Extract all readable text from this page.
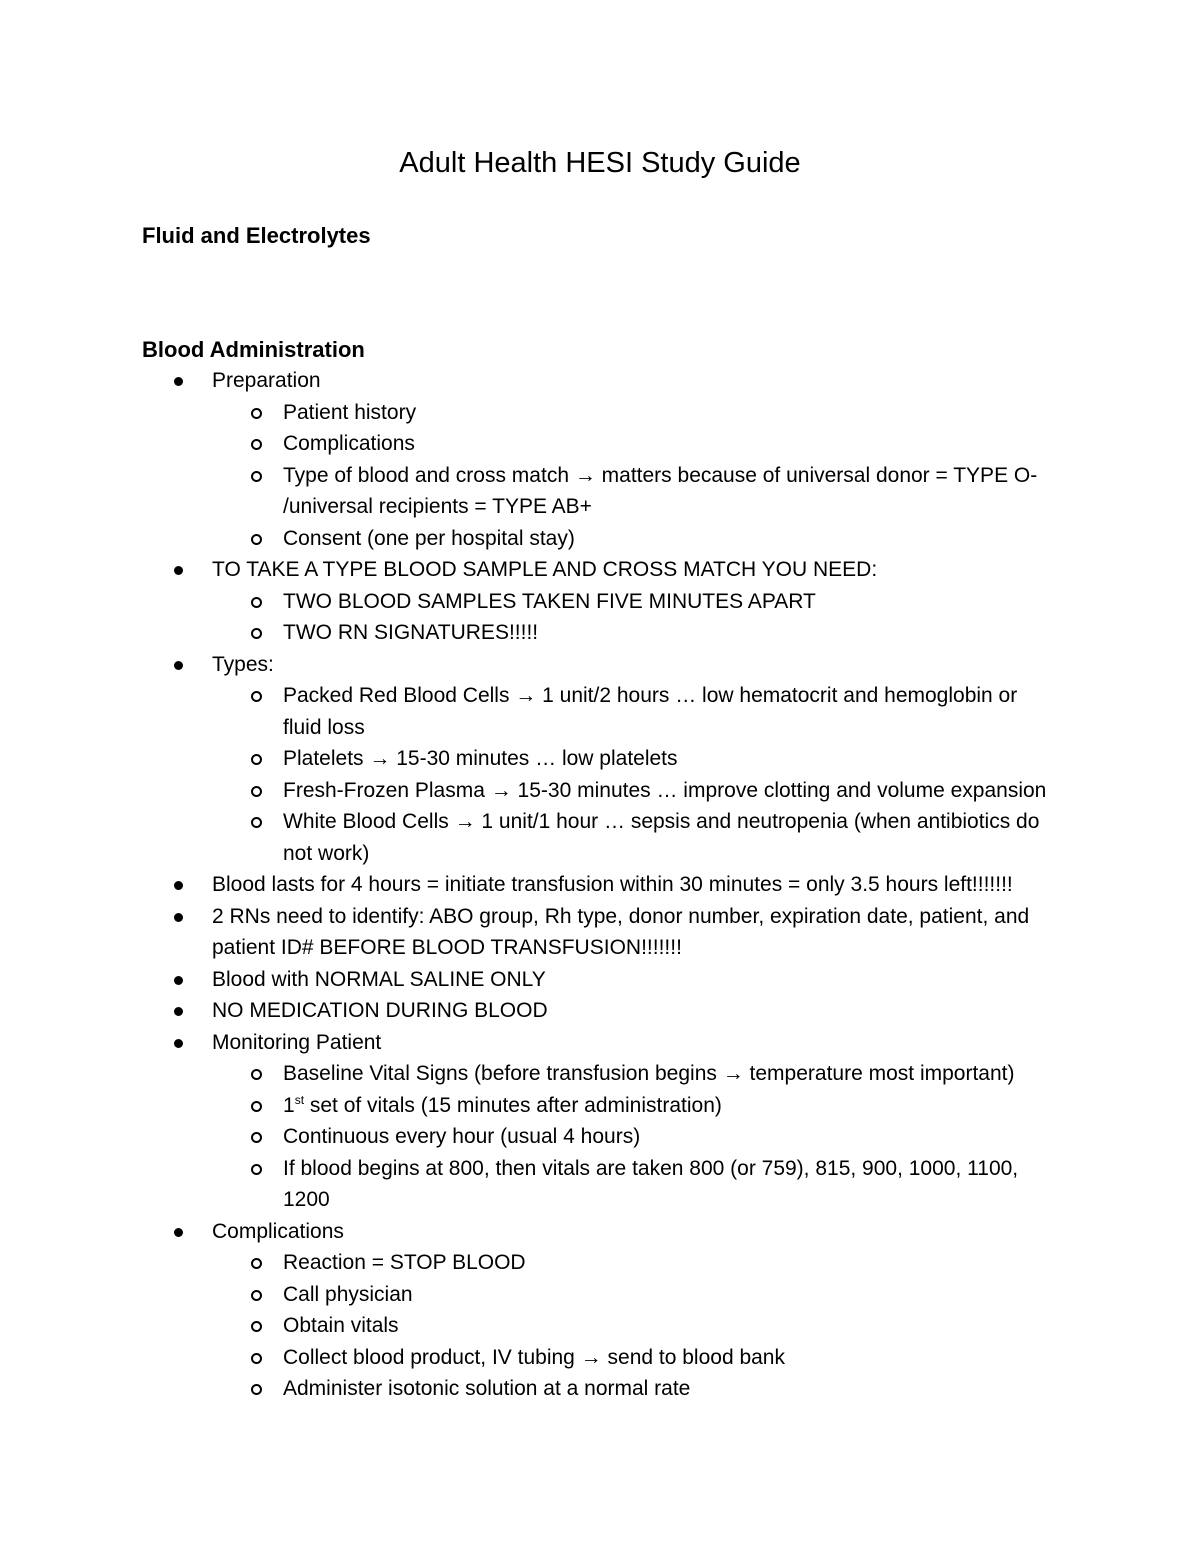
Adult Health HESI Study Guide
Fluid and Electrolytes
Blood Administration
Preparation
Patient history
Complications
Type of blood and cross match → matters because of universal donor = TYPE O- /universal recipients = TYPE AB+
Consent (one per hospital stay)
TO TAKE A TYPE BLOOD SAMPLE AND CROSS MATCH YOU NEED:
TWO BLOOD SAMPLES TAKEN FIVE MINUTES APART
TWO RN SIGNATURES!!!!!
Types:
Packed Red Blood Cells → 1 unit/2 hours … low hematocrit and hemoglobin or fluid loss
Platelets → 15-30 minutes … low platelets
Fresh-Frozen Plasma → 15-30 minutes … improve clotting and volume expansion
White Blood Cells → 1 unit/1 hour … sepsis and neutropenia (when antibiotics do not work)
Blood lasts for 4 hours = initiate transfusion within 30 minutes = only 3.5 hours left!!!!!!!
2 RNs need to identify: ABO group, Rh type, donor number, expiration date, patient, and patient ID# BEFORE BLOOD TRANSFUSION!!!!!!!
Blood with NORMAL SALINE ONLY
NO MEDICATION DURING BLOOD
Monitoring Patient
Baseline Vital Signs (before transfusion begins → temperature most important)
1st set of vitals (15 minutes after administration)
Continuous every hour (usual 4 hours)
If blood begins at 800, then vitals are taken 800 (or 759), 815, 900, 1000, 1100, 1200
Complications
Reaction = STOP BLOOD
Call physician
Obtain vitals
Collect blood product, IV tubing → send to blood bank
Administer isotonic solution at a normal rate
